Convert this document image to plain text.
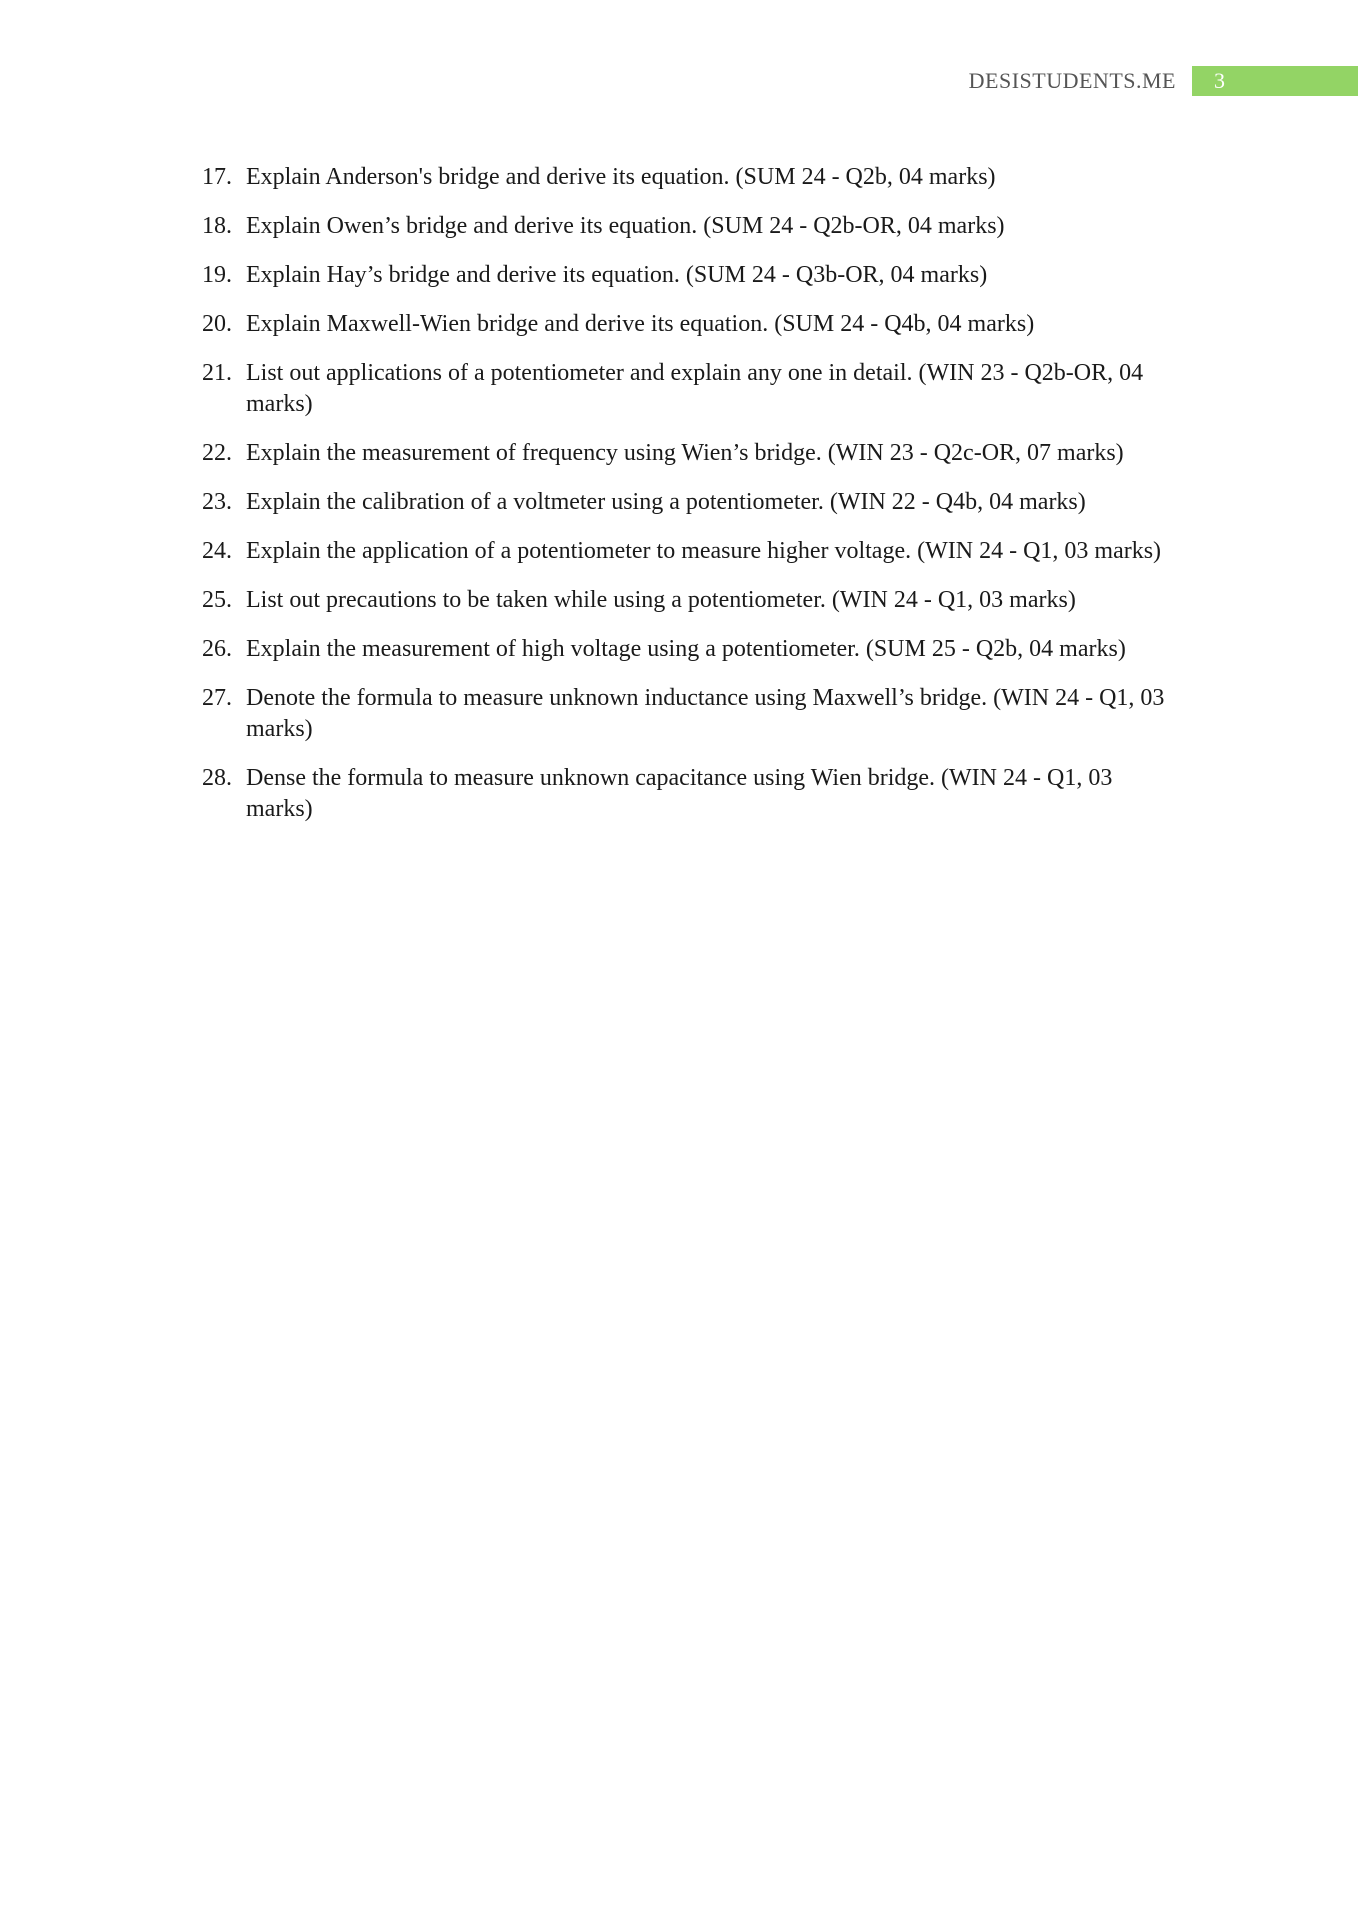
DESISTUDENTS.ME 3
17. Explain Anderson's bridge and derive its equation. (SUM 24 - Q2b, 04 marks)
18. Explain Owen’s bridge and derive its equation. (SUM 24 - Q2b-OR, 04 marks)
19. Explain Hay’s bridge and derive its equation. (SUM 24 - Q3b-OR, 04 marks)
20. Explain Maxwell-Wien bridge and derive its equation. (SUM 24 - Q4b, 04 marks)
21. List out applications of a potentiometer and explain any one in detail. (WIN 23 - Q2b-OR, 04 marks)
22. Explain the measurement of frequency using Wien’s bridge. (WIN 23 - Q2c-OR, 07 marks)
23. Explain the calibration of a voltmeter using a potentiometer. (WIN 22 - Q4b, 04 marks)
24. Explain the application of a potentiometer to measure higher voltage. (WIN 24 - Q1, 03 marks)
25. List out precautions to be taken while using a potentiometer. (WIN 24 - Q1, 03 marks)
26. Explain the measurement of high voltage using a potentiometer. (SUM 25 - Q2b, 04 marks)
27. Denote the formula to measure unknown inductance using Maxwell’s bridge. (WIN 24 - Q1, 03 marks)
28. Dense the formula to measure unknown capacitance using Wien bridge. (WIN 24 - Q1, 03 marks)
